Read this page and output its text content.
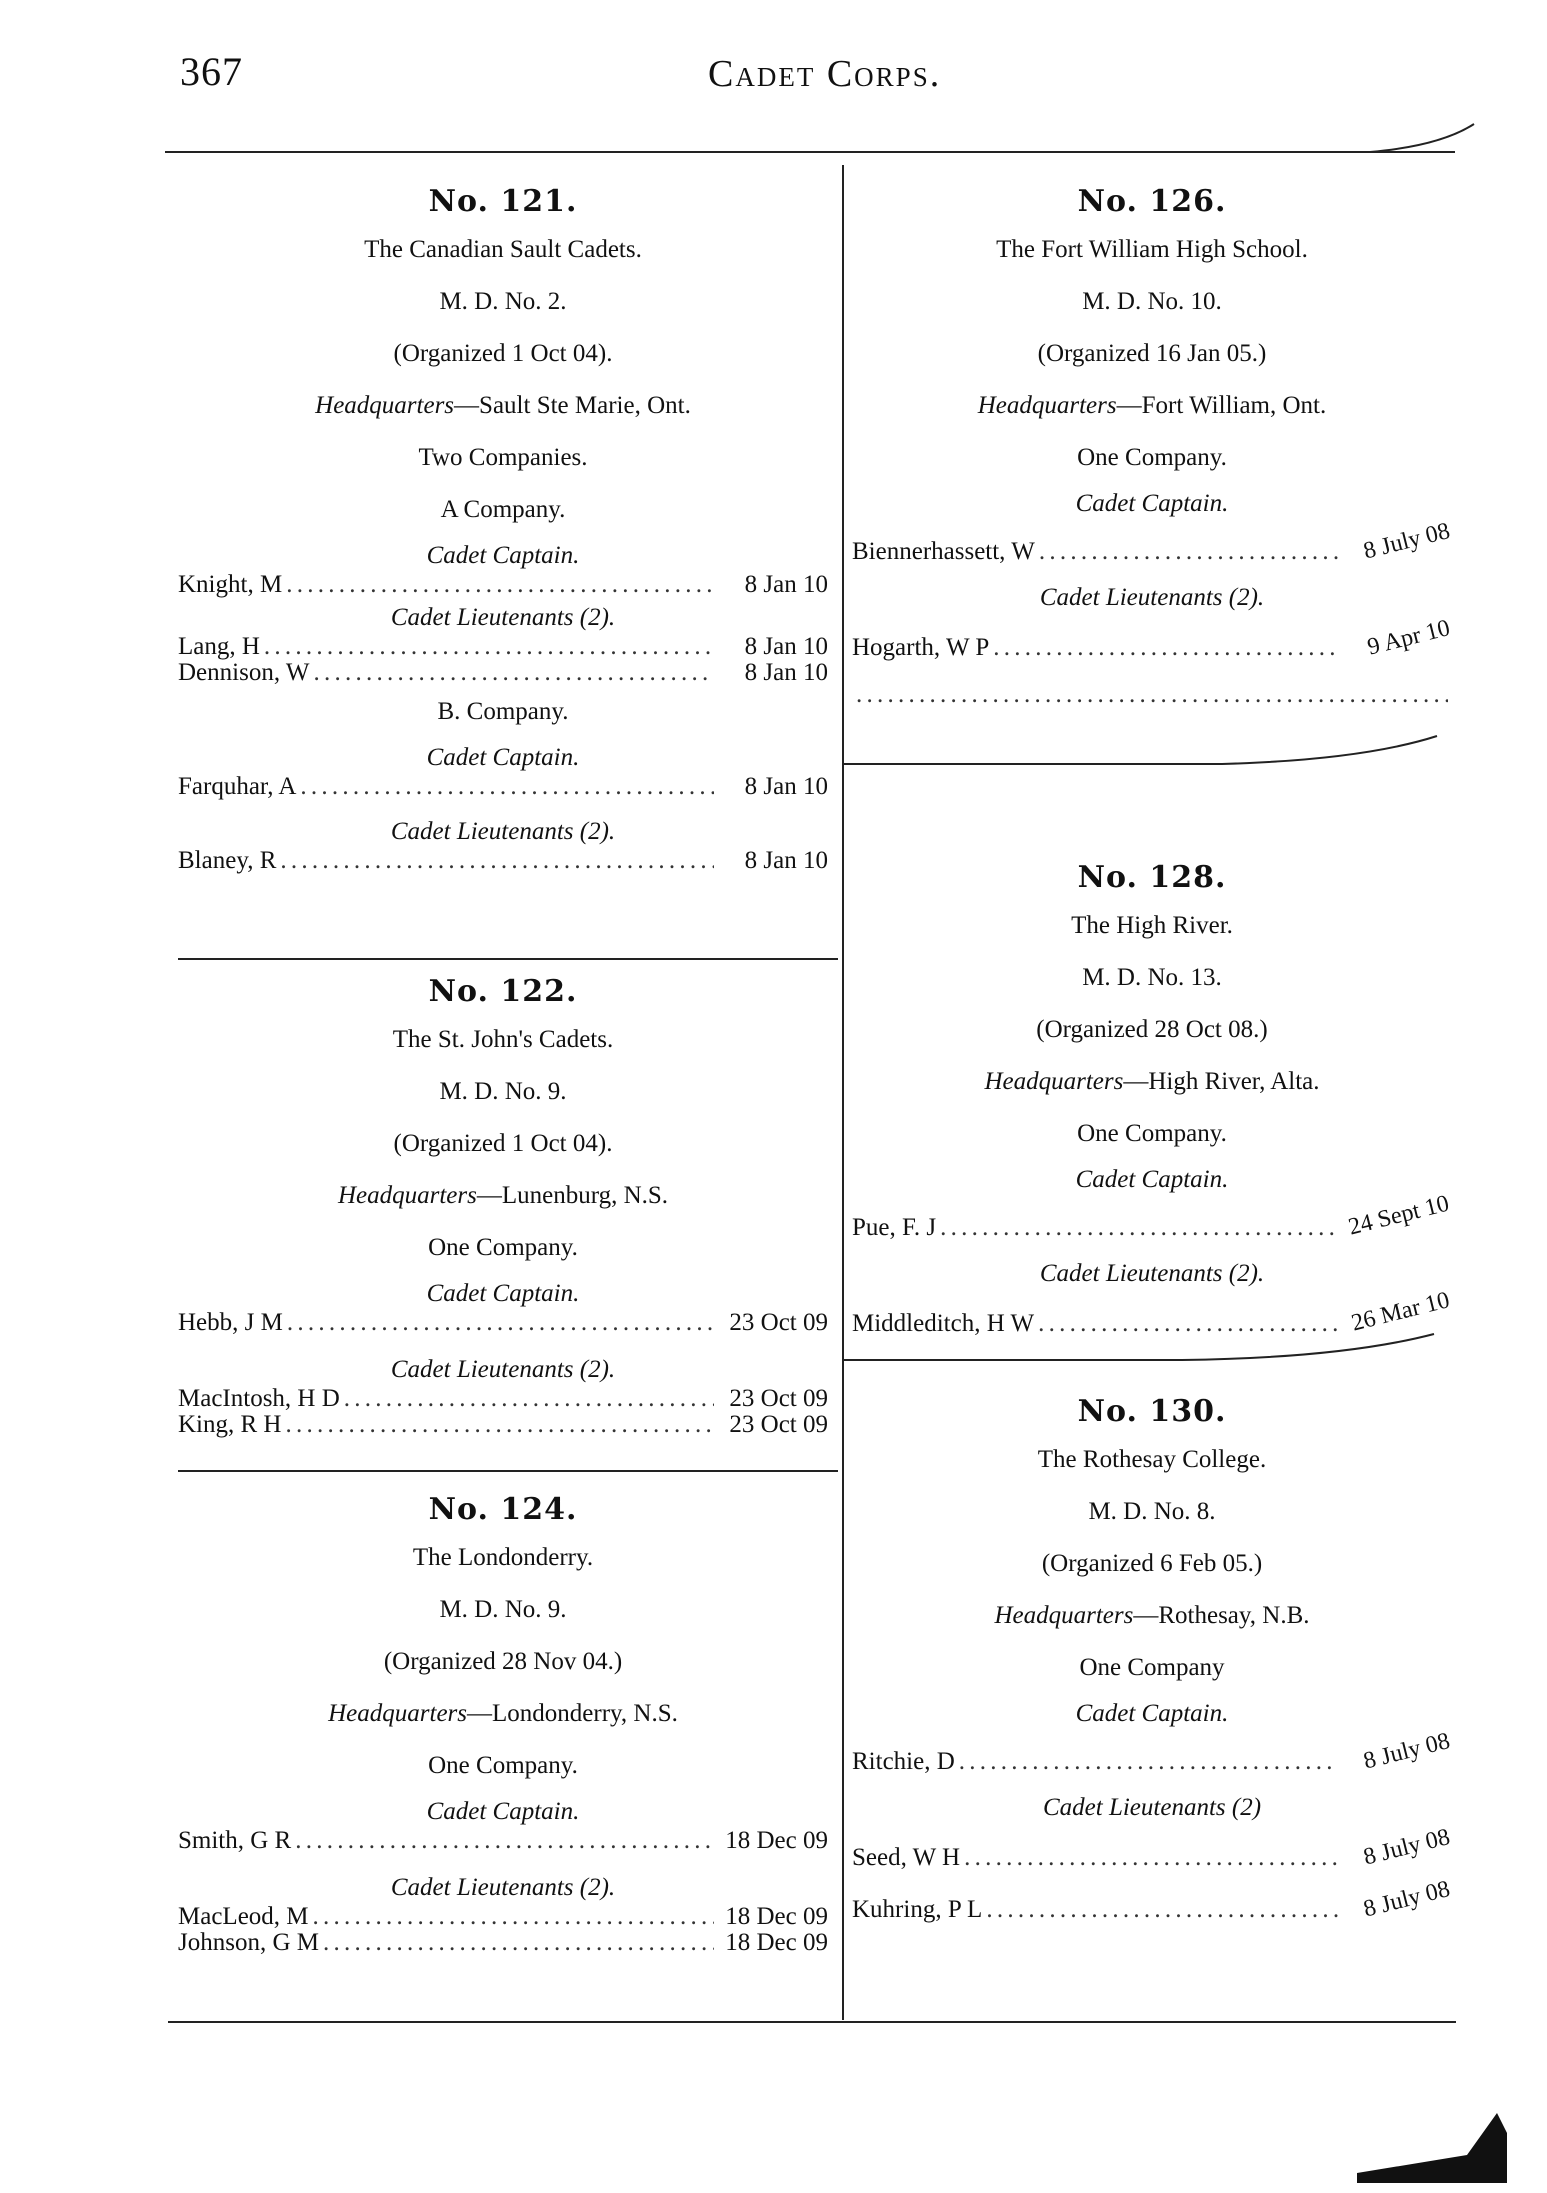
367	Cadet Corps.

No. 121.

The Canadian Sault Cadets.

M. D. No. 2.

(Organized 1 Oct 04).

Headquarters—Sault Ste Marie, Ont.

Two Companies.

A Company.

Cadet Captain.
Knight, M . . .	8 Jan 10
Cadet Lieutenants (2).
Lang, H . . .	8 Jan 10
Dennison, W . . .	8 Jan 10

B. Company.

Cadet Captain.
Farquhar, A . . .	8 Jan 10
Cadet Lieutenants (2).
Blaney, R . . .	8 Jan 10

No. 122.

The St. John's Cadets.

M. D. No. 9.

(Organized 1 Oct 04).

Headquarters—Lunenburg, N.S.

One Company.

Cadet Captain.
Hebb, J M . . .	23 Oct 09
Cadet Lieutenants (2).
MacIntosh, H D . . .	23 Oct 09
King, R H . . .	23 Oct 09

No. 124.

The Londonderry.

M. D. No. 9.

(Organized 28 Nov 04.)

Headquarters—Londonderry, N.S.

One Company.

Cadet Captain.
Smith, G R . . .	18 Dec 09
Cadet Lieutenants (2).
MacLeod, M . . .	18 Dec 09
Johnson, G M . . .	18 Dec 09

No. 126.

The Fort William High School.

M. D. No. 10.

(Organized 16 Jan 05.)

Headquarters—Fort William, Ont.

One Company.

Cadet Captain.
Biennerhassett, W . . .	8 July 08
Cadet Lieutenants (2).
Hogarth, W P . . .	9 Apr 10
. . .

No. 128.

The High River.

M. D. No. 13.

(Organized 28 Oct 08.)

Headquarters—High River, Alta.

One Company.

Cadet Captain.
Pue, F. J . . .	24 Sept 10
Cadet Lieutenants (2).
Middleditch, H W . . .	26 Mar 10

No. 130.

The Rothesay College.

M. D. No. 8.

(Organized 6 Feb 05.)

Headquarters—Rothesay, N.B.

One Company

Cadet Captain.
Ritchie, D . . .	8 July 08
Cadet Lieutenants (2)
Seed, W H . . .	8 July 08
Kuhring, P L . . .	8 July 08
